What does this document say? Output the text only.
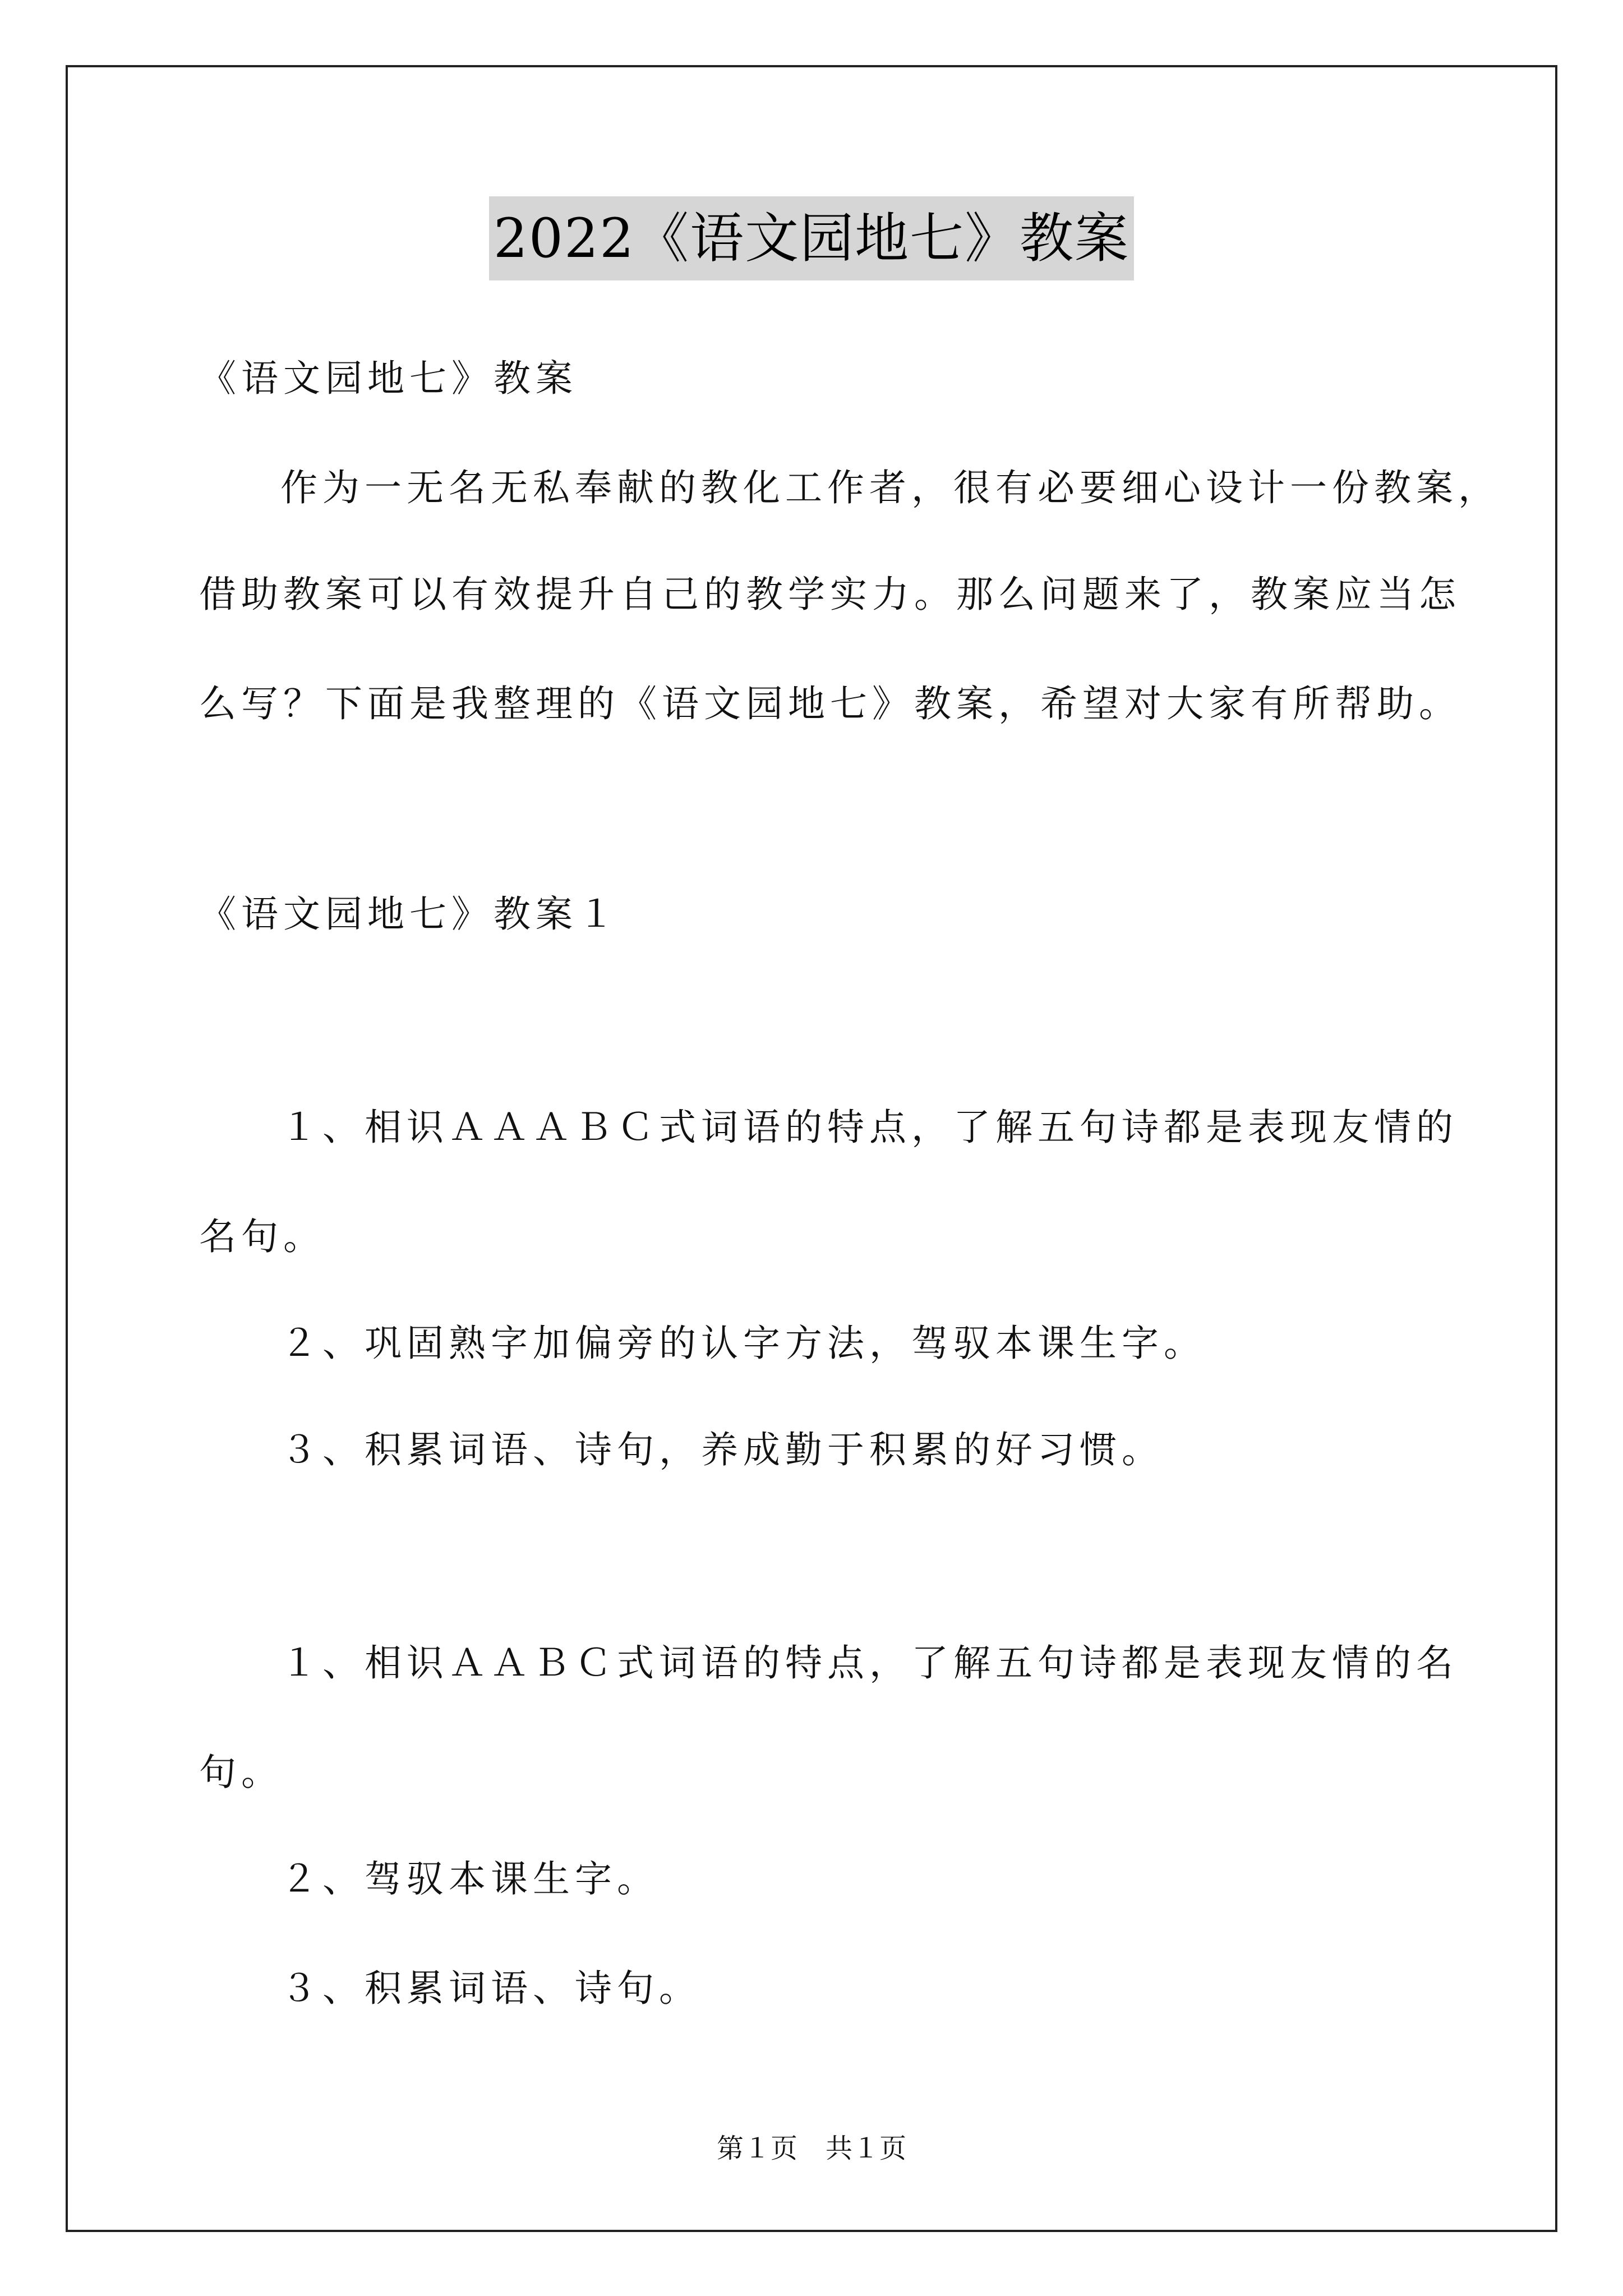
2022《语文园地七》教案
《语文园地七》教案
作为一无名无私奉献的教化工作者，很有必要细心设计一份教案，
借助教案可以有效提升自己的教学实力。那么问题来了，教案应当怎
么写？下面是我整理的《语文园地七》教案，希望对大家有所帮助。
《语文园地七》教案１
１、相识ＡＡＡＢＣ式词语的特点，了解五句诗都是表现友情的
名句。
２、巩固熟字加偏旁的认字方法，驾驭本课生字。
３、积累词语、诗句，养成勤于积累的好习惯。
１、相识ＡＡＢＣ式词语的特点，了解五句诗都是表现友情的名
句。
２、驾驭本课生字。
３、积累词语、诗句。
第１页 共１页
